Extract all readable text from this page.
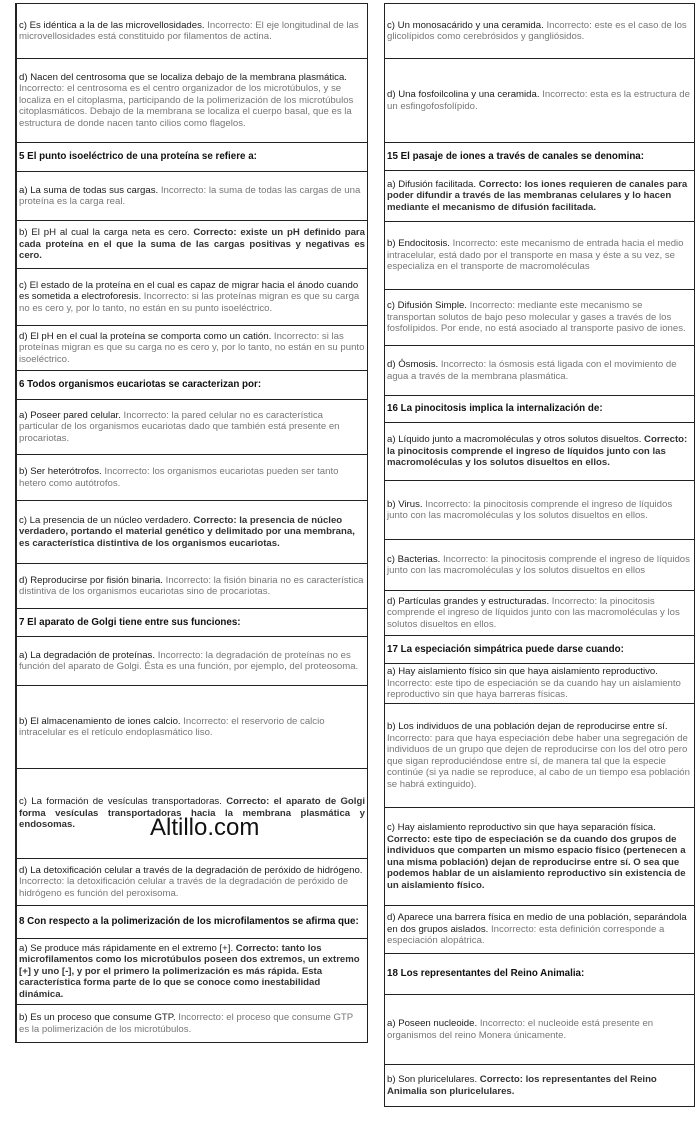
c) Es idéntica a la de las microvellosidades. Incorrecto: El eje longitudinal de las microvellosidades está constituido por filamentos de actina.
d) Nacen del centrosoma que se localiza debajo de la membrana plasmática. Incorrecto: el centrosoma es el centro organizador de los microtúbulos, y se localiza en el citoplasma, participando de la polimerización de los microtúbulos citoplasmáticos. Debajo de la membrana se localiza el cuerpo basal, que es la estructura de donde nacen tanto cilios como flagelos.
5 El punto isoeléctrico de una proteína se refiere a:
a) La suma de todas sus cargas. Incorrecto: la suma de todas las cargas de una proteína es la carga real.
b) El pH al cual la carga neta es cero. Correcto: existe un pH definido para cada proteína en el que la suma de las cargas positivas y negativas es cero.
c) El estado de la proteína en el cual es capaz de migrar hacia el ánodo cuando es sometida a electroforesis. Incorrecto: si las proteínas migran es que su carga no es cero y, por lo tanto, no están en su punto isoeléctrico.
d) El pH en el cual la proteína se comporta como un catión. Incorrecto: si las proteínas migran es que su carga no es cero y, por lo tanto, no están en su punto isoeléctrico.
6 Todos organismos eucariotas se caracterizan por:
a) Poseer pared celular. Incorrecto: la pared celular no es característica particular de los organismos eucariotas dado que también está presente en procariotas.
b) Ser heterótrofos. Incorrecto: los organismos eucariotas pueden ser tanto hetero como autótrofos.
c) La presencia de un núcleo verdadero. Correcto: la presencia de núcleo verdadero, portando el material genético y delimitado por una membrana, es característica distintiva de los organismos eucariotas.
d) Reproducirse por fisión binaria. Incorrecto: la fisión binaria no es característica distintiva de los organismos eucariotas sino de procariotas.
7 El aparato de Golgi tiene entre sus funciones:
a) La degradación de proteínas. Incorrecto: la degradación de proteínas no es función del aparato de Golgi. Ésta es una función, por ejemplo, del proteosoma.
b) El almacenamiento de iones calcio. Incorrecto: el reservorio de calcio intracelular es el retículo endoplasmático liso.
c) La formación de vesículas transportadoras. Correcto: el aparato de Golgi forma vesículas transportadoras hacia la membrana plasmática y endosomas.
d) La detoxificación celular a través de la degradación de peróxido de hidrógeno. Incorrecto: la detoxificación celular a través de la degradación de peróxido de hidrógeno es función del peroxisoma.
8 Con respecto a la polimerización de los microfilamentos se afirma que:
a) Se produce más rápidamente en el extremo [+]. Correcto: tanto los microfilamentos como los microtúbulos poseen dos extremos, un extremo [+] y uno [-], y por el primero la polimerización es más rápida. Esta característica forma parte de lo que se conoce como inestabilidad dinámica.
b) Es un proceso que consume GTP. Incorrecto: el proceso que consume GTP es la polimerización de los microtúbulos.
c) Un monosacárido y una ceramida. Incorrecto: este es el caso de los glicolípidos como cerebrósidos y gangliósidos.
d) Una fosfoilcolina y una ceramida. Incorrecto: esta es la estructura de un esfingofosfolípido.
15 El pasaje de iones a través de canales se denomina:
a) Difusión facilitada. Correcto: los iones requieren de canales para poder difundir a través de las membranas celulares y lo hacen mediante el mecanismo de difusión facilitada.
b) Endocitosis. Incorrecto: este mecanismo de entrada hacia el medio intracelular, está dado por el transporte en masa y éste a su vez, se especializa en el transporte de macromoléculas
c) Difusión Simple. Incorrecto: mediante este mecanismo se transportan solutos de bajo peso molecular y gases a través de los fosfolípidos. Por ende, no está asociado al transporte pasivo de iones.
d) Ósmosis. Incorrecto: la ósmosis está ligada con el movimiento de agua a través de la membrana plasmática.
16 La pinocitosis implica la internalización de:
a) Líquido junto a macromoléculas y otros solutos disueltos. Correcto: la pinocitosis comprende el ingreso de líquidos junto con las macromoléculas y los solutos disueltos en ellos.
b) Virus. Incorrecto: la pinocitosis comprende el ingreso de líquidos junto con las macromoléculas y los solutos disueltos en ellos.
c) Bacterias. Incorrecto: la pinocitosis comprende el ingreso de líquidos junto con las macromoléculas y los solutos disueltos en ellos
d) Partículas grandes y estructuradas. Incorrecto: la pinocitosis comprende el ingreso de líquidos junto con las macromoléculas y los solutos disueltos en ellos.
17 La especiación simpátrica puede darse cuando:
a) Hay aislamiento físico sin que haya aislamiento reproductivo. Incorrecto: este tipo de especiación se da cuando hay un aislamiento reproductivo sin que haya barreras físicas.
b) Los individuos de una población dejan de reproducirse entre sí. Incorrecto: para que haya especiación debe haber una segregación de individuos de un grupo que dejen de reproducirse con los del otro pero que sigan reproduciéndose entre sí, de manera tal que la especie continúe (si ya nadie se reproduce, al cabo de un tiempo esa población se habrá extinguido).
c) Hay aislamiento reproductivo sin que haya separación física. Correcto: este tipo de especiación se da cuando dos grupos de individuos que comparten un mismo espacio físico (pertenecen a una misma población) dejan de reproducirse entre sí. O sea que podemos hablar de un aislamiento reproductivo sin existencia de un aislamiento físico.
d) Aparece una barrera física en medio de una población, separándola en dos grupos aislados. Incorrecto: esta definición corresponde a especiación alopátrica.
18 Los representantes del Reino Animalia:
a) Poseen nucleoide. Incorrecto: el nucleoide está presente en organismos del reino Monera únicamente.
b) Son pluricelulares. Correcto: los representantes del Reino Animalia son pluricelulares.
Altillo.com
